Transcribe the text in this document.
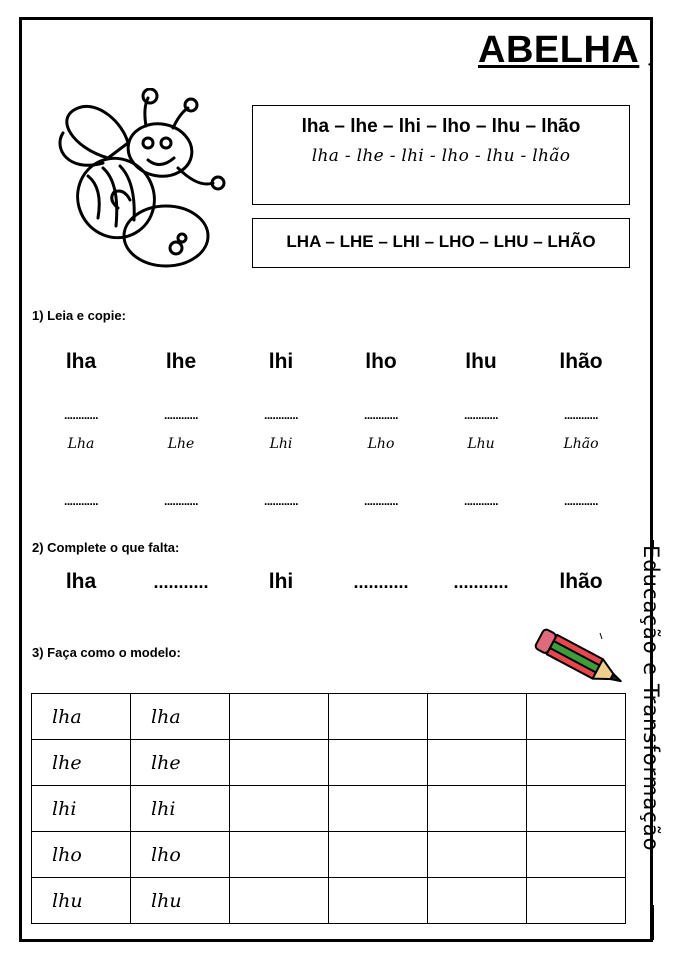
ABELHA •
lha – lhe – lhi – lho – lhu – lhão
lha - lhe - lhi - lho - lhu - lhão
LHA – LHE – LHI – LHO – LHU – LHÃO
1) Leia e copie:
lha	lhe	lhi	lho	lhu	lhão
............	............	............	............	............	............
Lha	Lhe	Lhi	Lho	Lhu	Lhão
............	............	............	............	............	............
2) Complete o que falta:
lha	...........	lhi	...........	...........	lhão
3) Faça como o modelo:
lha	lha				
lhe	lhe				
lhi	lhi				
lho	lho				
lhu	lhu				
Educação e Transformação
